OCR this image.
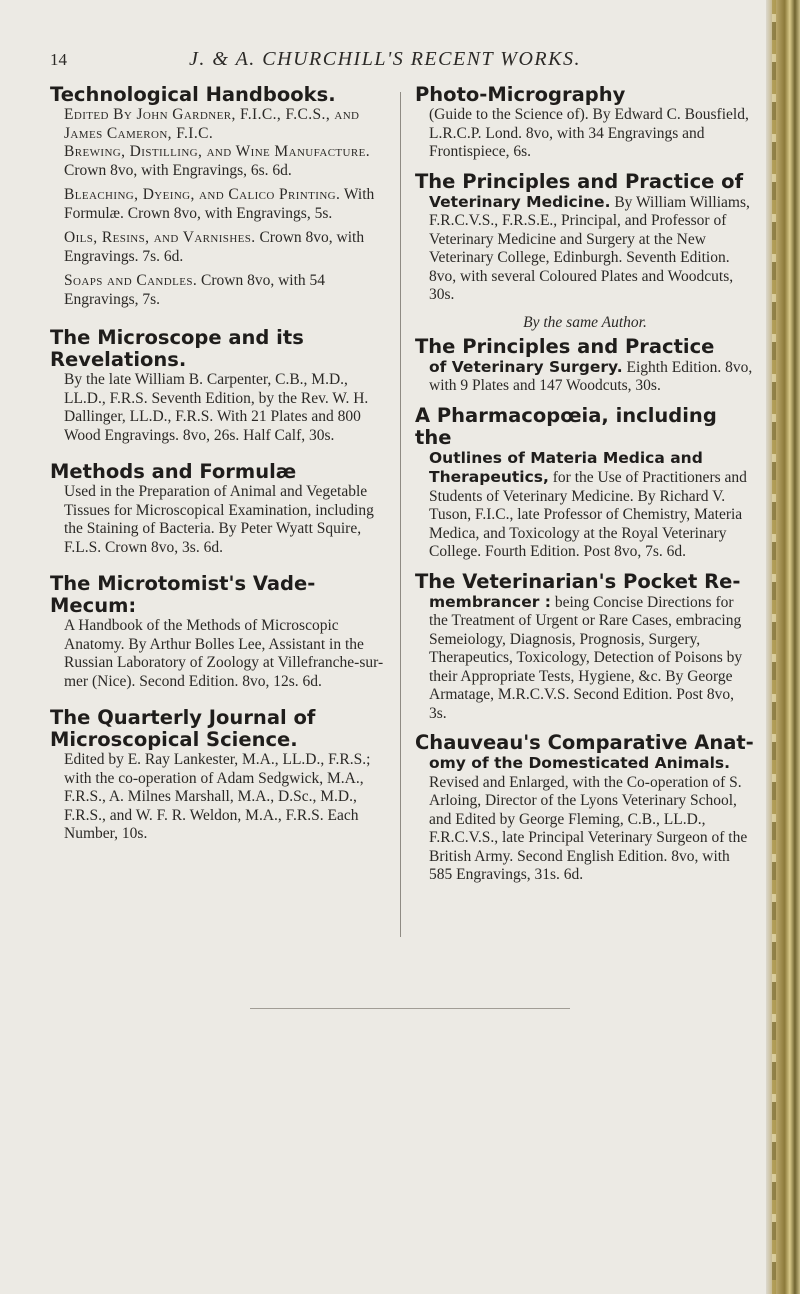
14	J. & A. CHURCHILL'S RECENT WORKS.
Technological Handbooks.
Edited By John Gardner, F.I.C., F.C.S., and James Cameron, F.I.C.
Brewing, Distilling, and Wine Manufacture. Crown 8vo, with Engravings, 6s. 6d.
Bleaching, Dyeing, and Calico Printing. With Formulæ. Crown 8vo, with Engravings, 5s.
Oils, Resins, and Varnishes. Crown 8vo, with Engravings. 7s. 6d.
Soaps and Candles. Crown 8vo, with 54 Engravings, 7s.
The Microscope and its Revelations.
By the late William B. Carpenter, C.B., M.D., LL.D., F.R.S. Seventh Edition, by the Rev. W. H. Dallinger, LL.D., F.R.S. With 21 Plates and 800 Wood Engravings. 8vo, 26s. Half Calf, 30s.
Methods and Formulæ
Used in the Preparation of Animal and Vegetable Tissues for Microscopical Examination, including the Staining of Bacteria. By Peter Wyatt Squire, F.L.S. Crown 8vo, 3s. 6d.
The Microtomist's Vade-Mecum:
A Handbook of the Methods of Microscopic Anatomy. By Arthur Bolles Lee, Assistant in the Russian Laboratory of Zoology at Villefranche-sur-mer (Nice). Second Edition. 8vo, 12s. 6d.
The Quarterly Journal of Microscopical Science.
Edited by E. Ray Lankester, M.A., LL.D., F.R.S.; with the co-operation of Adam Sedgwick, M.A., F.R.S., A. Milnes Marshall, M.A., D.Sc., M.D., F.R.S., and W. F. R. Weldon, M.A., F.R.S. Each Number, 10s.
Photo-Micrography
(Guide to the Science of). By Edward C. Bousfield, L.R.C.P. Lond. 8vo, with 34 Engravings and Frontispiece, 6s.
The Principles and Practice of
Veterinary Medicine. By William Williams, F.R.C.V.S., F.R.S.E., Principal, and Professor of Veterinary Medicine and Surgery at the New Veterinary College, Edinburgh. Seventh Edition. 8vo, with several Coloured Plates and Woodcuts, 30s.
By the same Author.
The Principles and Practice
of Veterinary Surgery. Eighth Edition. 8vo, with 9 Plates and 147 Woodcuts, 30s.
A Pharmacopœia, including the
Outlines of Materia Medica and Therapeutics, for the Use of Practitioners and Students of Veterinary Medicine. By Richard V. Tuson, F.I.C., late Professor of Chemistry, Materia Medica, and Toxicology at the Royal Veterinary College. Fourth Edition. Post 8vo, 7s. 6d.
The Veterinarian's Pocket Re-
membrancer : being Concise Directions for the Treatment of Urgent or Rare Cases, embracing Semeiology, Diagnosis, Prognosis, Surgery, Therapeutics, Toxicology, Detection of Poisons by their Appropriate Tests, Hygiene, &c. By George Armatage, M.R.C.V.S. Second Edition. Post 8vo, 3s.
Chauveau's Comparative Anat-
omy of the Domesticated Animals. Revised and Enlarged, with the Co-operation of S. Arloing, Director of the Lyons Veterinary School, and Edited by George Fleming, C.B., LL.D., F.R.C.V.S., late Principal Veterinary Surgeon of the British Army. Second English Edition. 8vo, with 585 Engravings, 31s. 6d.
